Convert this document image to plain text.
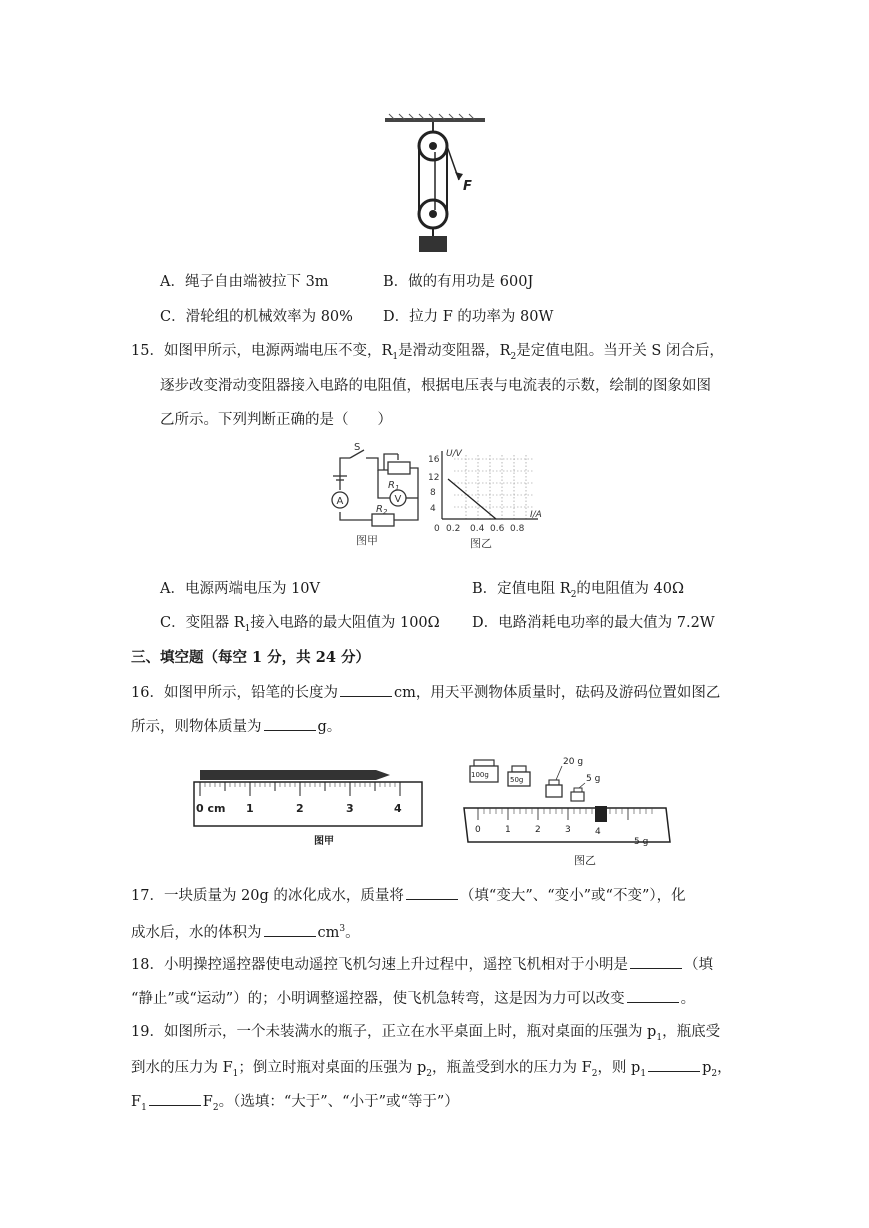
F
A．绳子自由端被拉下 3m	B．做的有用功是 600J
C．滑轮组的机械效率为 80% D．拉力 F 的功率为 80W
15．如图甲所示，电源两端电压不变，$R_1$是滑动变阻器，$R_2$是定值电阻。当开关 S 闭合后，
逐步改变滑动变阻器接入电路的电阻值，根据电压表与电流表的示数，绘制的图象如图
乙所示。下列判断正确的是（　　）
A	V
S
$R_1$
$R_2$
图甲
U/V
I/A
16
12
8
4
0 0.2 0.4 0.6 0.8
图乙
A．电源两端电压为 10V	B．定值电阻 $R_2$的电阻值为 40Ω
C．变阻器 $R_1$接入电路的最大阻值为 100Ω D．电路消耗电功率的最大值为 7.2W
三、填空题（每空 1 分，共 24 分）
16．如图甲所示，铅笔的长度为	cm，用天平测物体质量时，砝码及游码位置如图乙
所示，则物体质量为	g。
0 cm 1	2	3	4
图甲
100g
50g
20 g
5 g
0	1	2	3	4
5 g
图乙
17．一块质量为 20g 的冰化成水，质量将	（填“变大”、“变小”或“不变”），化
成水后，水的体积为	$cm^3$。
18．小明操控遥控器使电动遥控飞机匀速上升过程中，遥控飞机相对于小明是	（填
“静止”或“运动”）的；小明调整遥控器，使飞机急转弯，这是因为力可以改变	。
19．如图所示，一个未装满水的瓶子，正立在水平桌面上时，瓶对桌面的压强为 $p_1$，瓶底受
到水的压力为 $F_1$；倒立时瓶对桌面的压强为 $p_2$，瓶盖受到水的压力为 $F_2$，则 $p_1$	$p_2$，
$F_1$	$F_2$。（选填：“大于”、“小于”或“等于”）
